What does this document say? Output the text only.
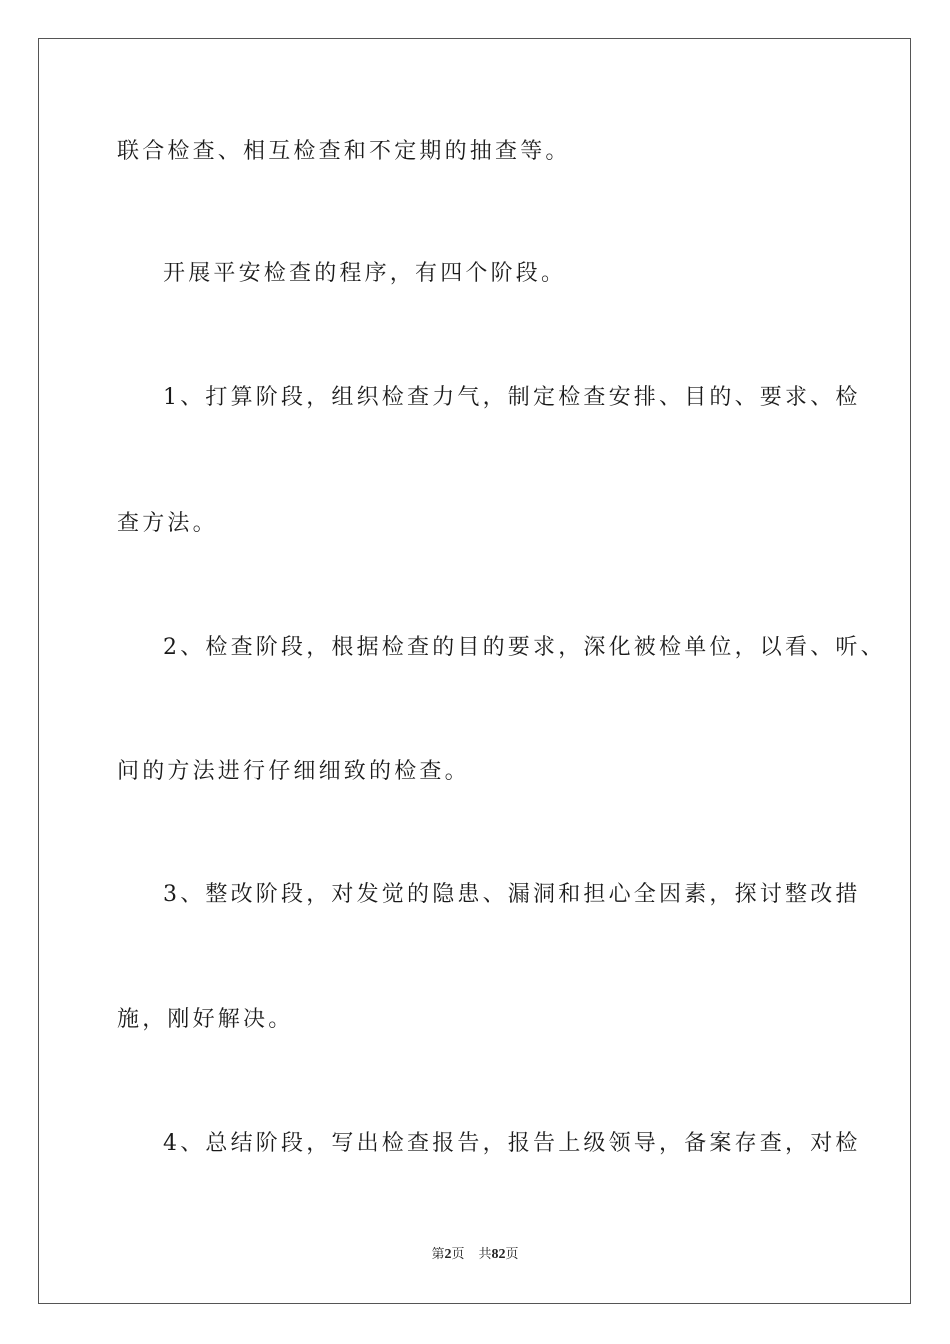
联合检查、相互检查和不定期的抽查等。
开展平安检查的程序，有四个阶段。
1、打算阶段，组织检查力气，制定检查安排、目的、要求、检
查方法。
2、检查阶段，根据检查的目的要求，深化被检单位，以看、听、
问的方法进行仔细细致的检查。
3、整改阶段，对发觉的隐患、漏洞和担心全因素，探讨整改措
施，刚好解决。
4、总结阶段，写出检查报告，报告上级领导，备案存查，对检
第2页 共82页
